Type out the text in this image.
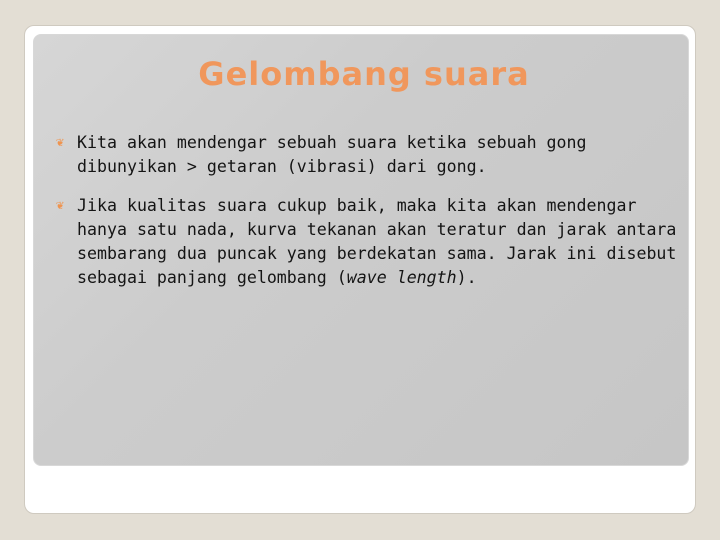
Gelombang suara
❦ Kita akan mendengar sebuah suara ketika sebuah gong dibunyikan > getaran (vibrasi) dari gong.
❦ Jika kualitas suara cukup baik, maka kita akan mendengar hanya satu nada, kurva tekanan akan teratur dan jarak antara sembarang dua puncak yang berdekatan sama. Jarak ini disebut sebagai panjang gelombang (wave length).
